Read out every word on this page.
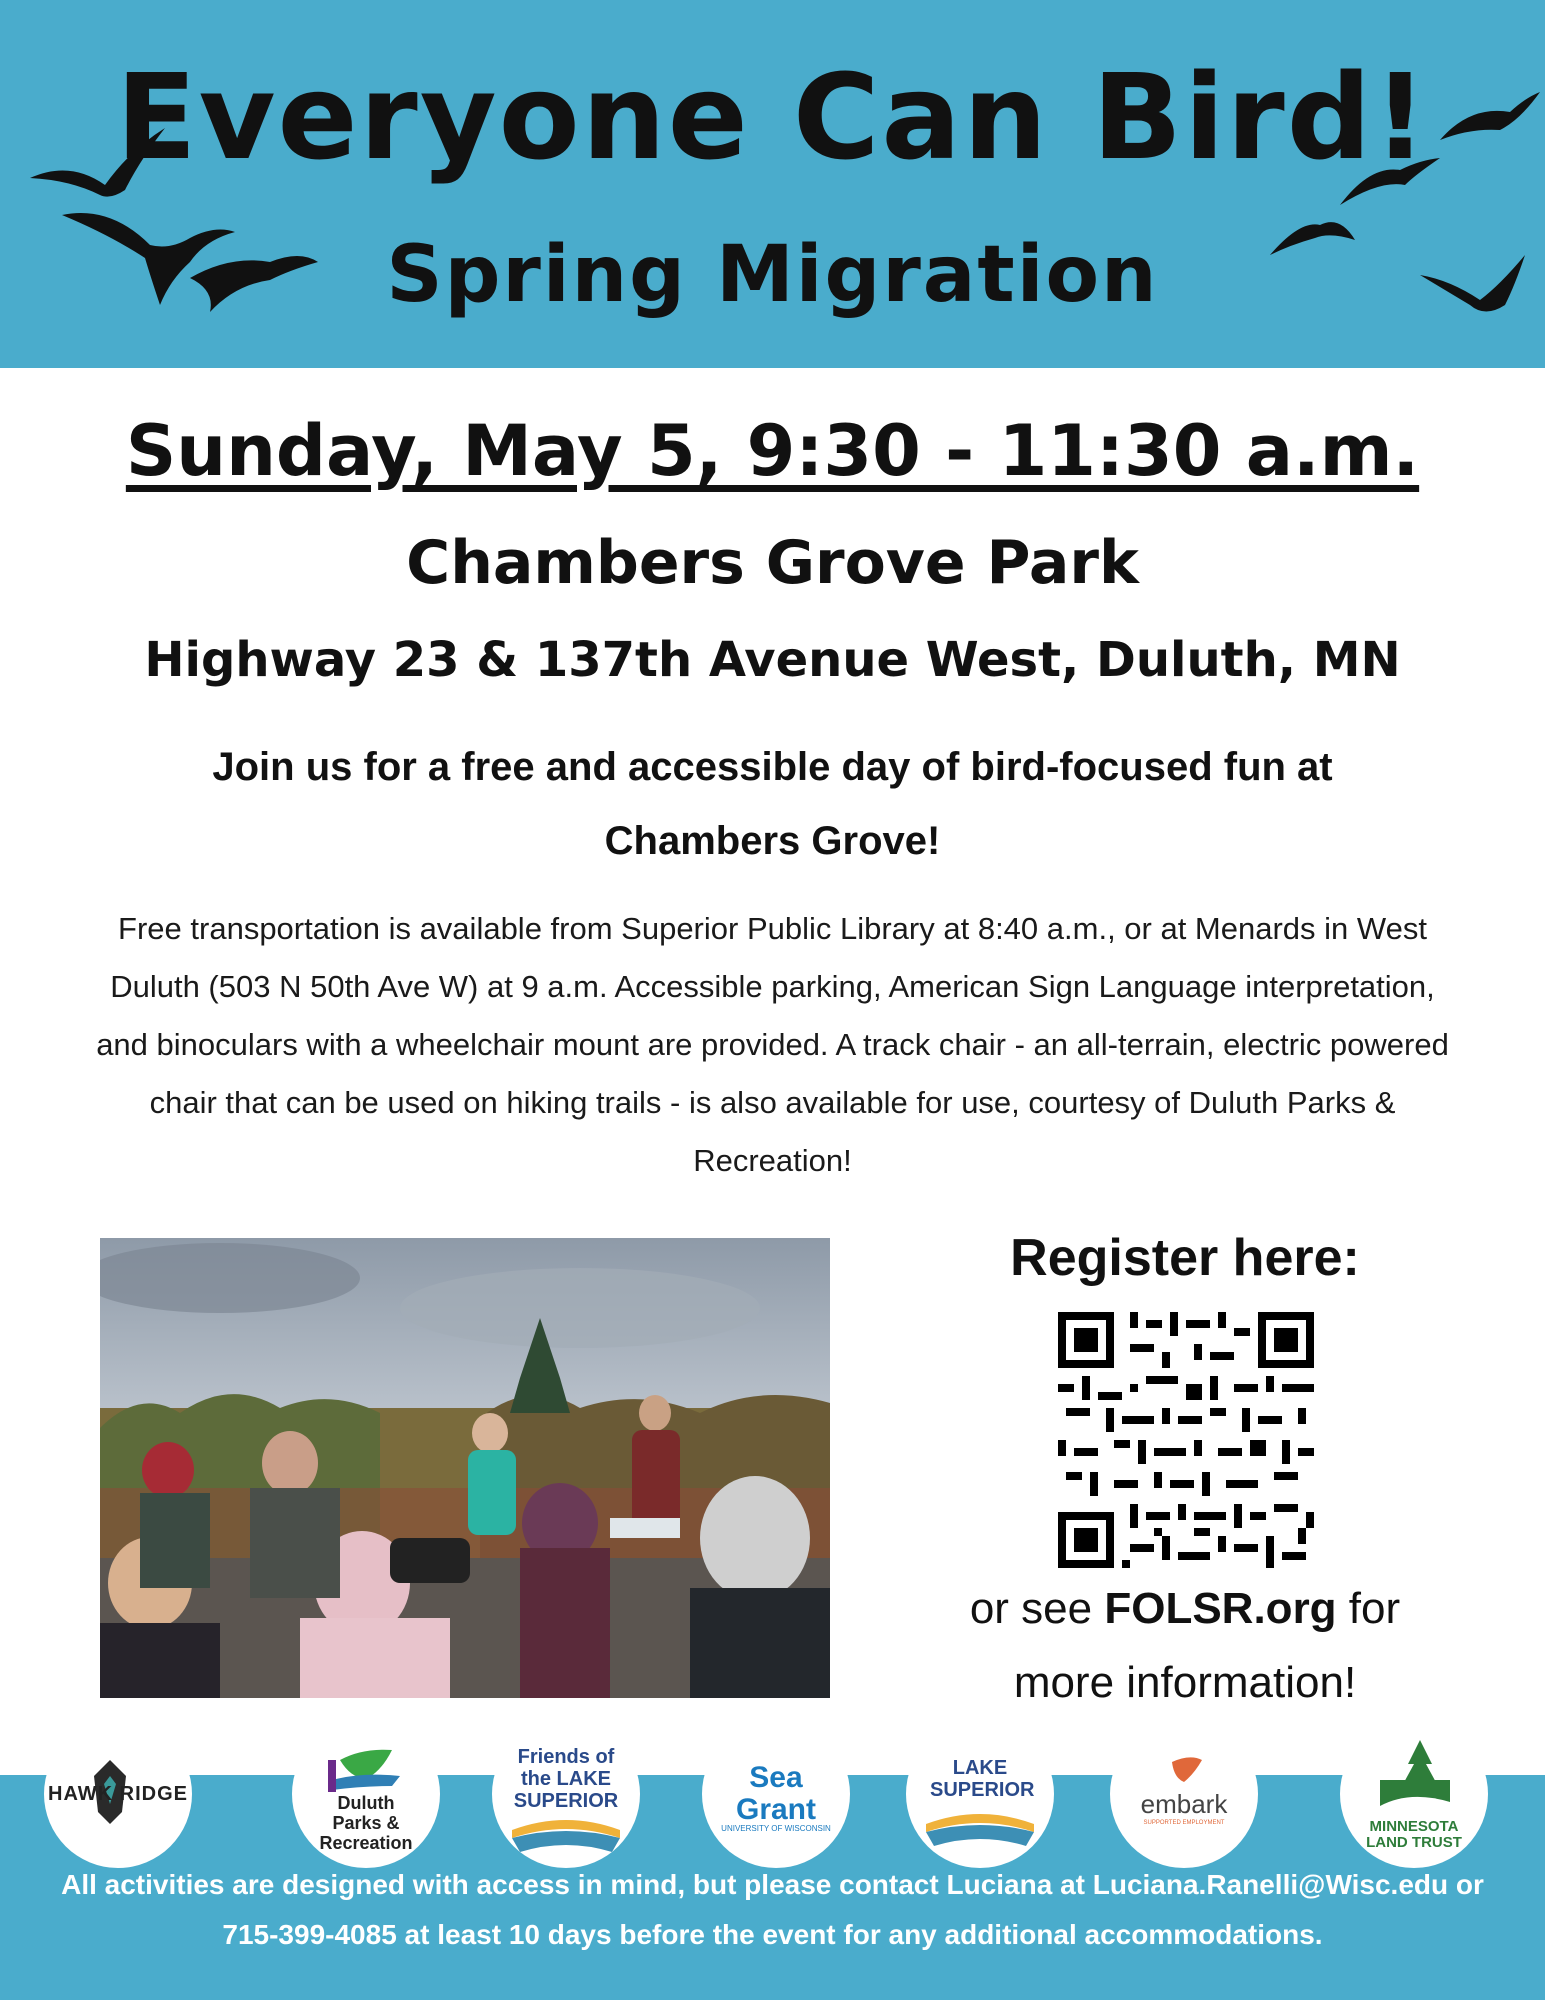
Everyone Can Bird!
Spring Migration
Sunday, May 5, 9:30 - 11:30 a.m.
Chambers Grove Park
Highway 23 & 137th Avenue West, Duluth, MN
Join us for a free and accessible day of bird-focused fun at Chambers Grove!
Free transportation is available from Superior Public Library at 8:40 a.m., or at Menards in West Duluth (503 N 50th Ave W) at 9 a.m. Accessible parking, American Sign Language interpretation, and binoculars with a wheelchair mount are provided. A track chair - an all-terrain, electric powered chair that can be used on hiking trails - is also available for use, courtesy of Duluth Parks & Recreation!
Register here:
or see FOLSR.org for
more information!
HAWK RIDGE	Duluth Parks & Recreation
Friends of the LAKE SUPERIOR
Sea Grant
UNIVERSITY OF WISCONSIN
LAKE SUPERIOR	embark
SUPPORTED EMPLOYMENT	MINNESOTA LAND TRUST
All activities are designed with access in mind, but please contact Luciana at Luciana.Ranelli@Wisc.edu or 715-399-4085 at least 10 days before the event for any additional accommodations.
